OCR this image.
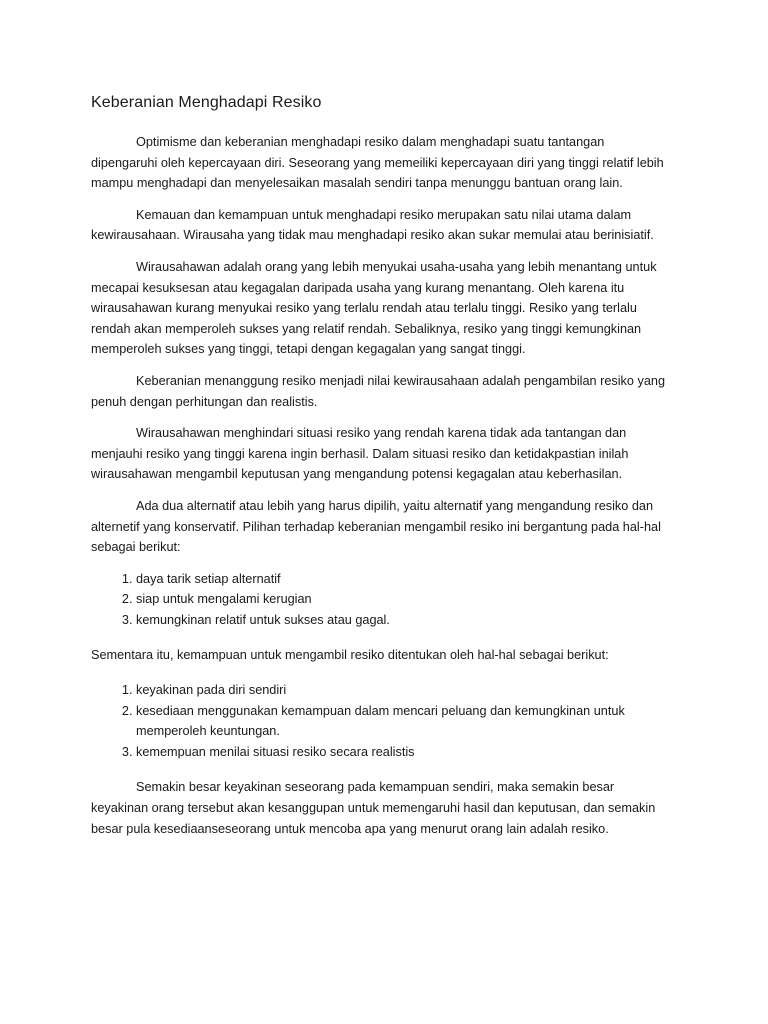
Keberanian Menghadapi Resiko

Optimisme dan keberanian menghadapi resiko dalam menghadapi suatu tantangan dipengaruhi oleh kepercayaan diri. Seseorang yang memeiliki kepercayaan diri yang tinggi relatif lebih mampu menghadapi dan menyelesaikan masalah sendiri tanpa menunggu bantuan orang lain.

Kemauan dan kemampuan untuk menghadapi resiko merupakan satu nilai utama dalam kewirausahaan. Wirausaha yang tidak mau menghadapi resiko akan sukar memulai atau berinisiatif.

Wirausahawan adalah orang yang lebih menyukai usaha-usaha yang lebih menantang untuk mecapai kesuksesan atau kegagalan daripada usaha yang kurang menantang. Oleh karena itu wirausahawan kurang menyukai resiko yang terlalu rendah atau terlalu tinggi. Resiko yang terlalu rendah akan memperoleh sukses yang relatif rendah. Sebaliknya, resiko yang tinggi kemungkinan memperoleh sukses yang tinggi, tetapi dengan kegagalan yang sangat tinggi.

Keberanian menanggung resiko menjadi nilai kewirausahaan adalah pengambilan resiko yang penuh dengan perhitungan dan realistis.

Wirausahawan menghindari situasi resiko yang rendah karena tidak ada tantangan dan menjauhi resiko yang tinggi karena ingin berhasil. Dalam situasi resiko dan ketidakpastian inilah wirausahawan mengambil keputusan yang mengandung potensi kegagalan atau keberhasilan.

Ada dua alternatif atau lebih yang harus dipilih, yaitu alternatif yang mengandung resiko dan alternetif yang konservatif. Pilihan terhadap keberanian mengambil resiko ini bergantung pada hal-hal sebagai berikut:

1. daya tarik setiap alternatif
2. siap untuk mengalami kerugian
3. kemungkinan relatif untuk sukses atau gagal.

Sementara itu, kemampuan untuk mengambil resiko ditentukan oleh hal-hal sebagai berikut:

1. keyakinan pada diri sendiri
2. kesediaan menggunakan kemampuan dalam mencari peluang dan kemungkinan untuk memperoleh keuntungan.
3. kemempuan menilai situasi resiko secara realistis

Semakin besar keyakinan seseorang pada kemampuan sendiri, maka semakin besar keyakinan orang tersebut akan kesanggupan untuk memengaruhi hasil dan keputusan, dan semakin besar pula kesediaanseseorang untuk mencoba apa yang menurut orang lain adalah resiko.
